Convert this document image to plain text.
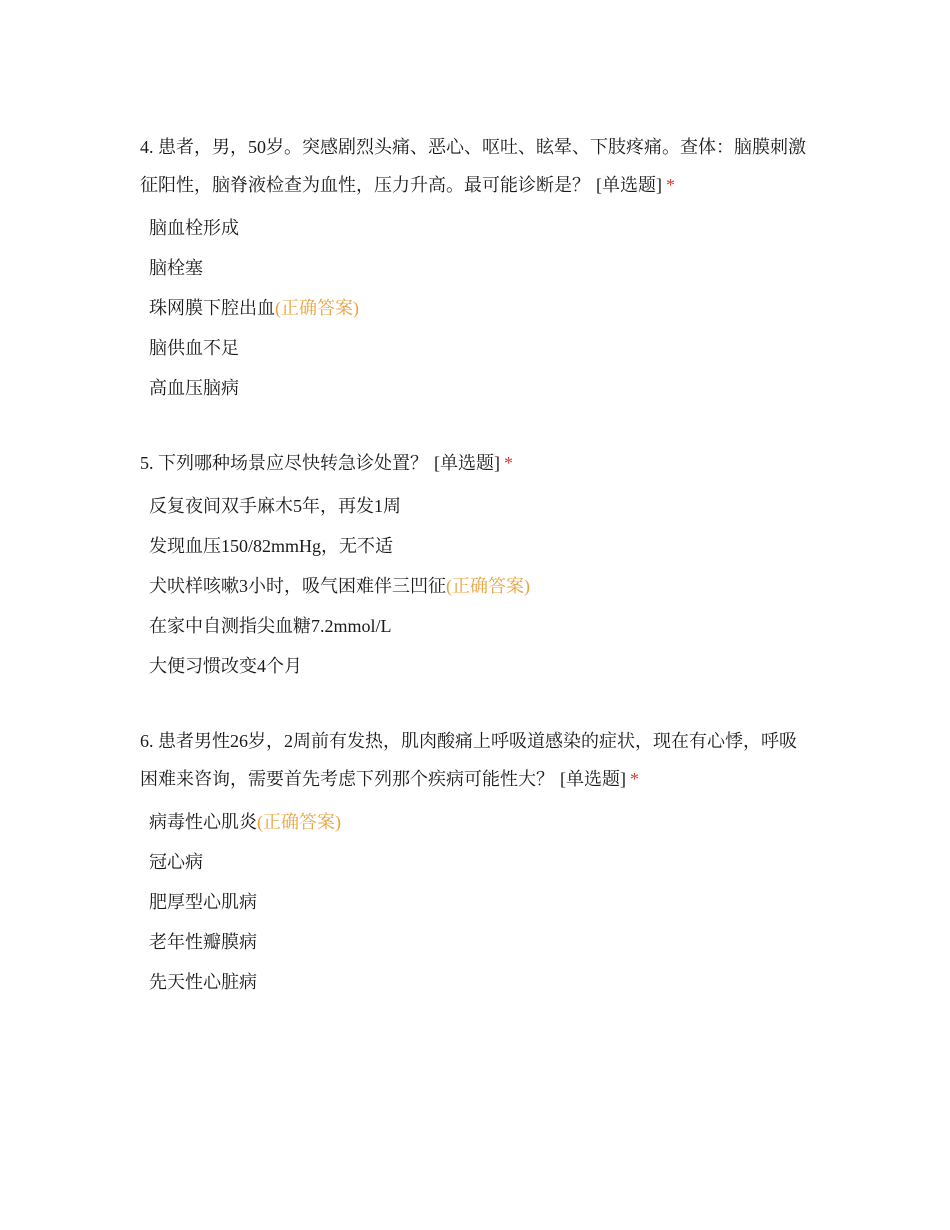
4. 患者，男，50岁。突感剧烈头痛、恶心、呕吐、眩晕、下肢疼痛。查体：脑膜刺激征阳性，脑脊液检查为血性，压力升高。最可能诊断是？ [单选题] *

脑血栓形成
脑栓塞
珠网膜下腔出血(正确答案)
脑供血不足
高血压脑病

5. 下列哪种场景应尽快转急诊处置？ [单选题] *

反复夜间双手麻木5年，再发1周
发现血压150/82mmHg，无不适
犬吠样咳嗽3小时，吸气困难伴三凹征(正确答案)
在家中自测指尖血糖7.2mmol/L
大便习惯改变4个月

6. 患者男性26岁，2周前有发热，肌肉酸痛上呼吸道感染的症状，现在有心悸，呼吸困难来咨询，需要首先考虑下列那个疾病可能性大？ [单选题] *

病毒性心肌炎(正确答案)
冠心病
肥厚型心肌病
老年性瓣膜病
先天性心脏病
